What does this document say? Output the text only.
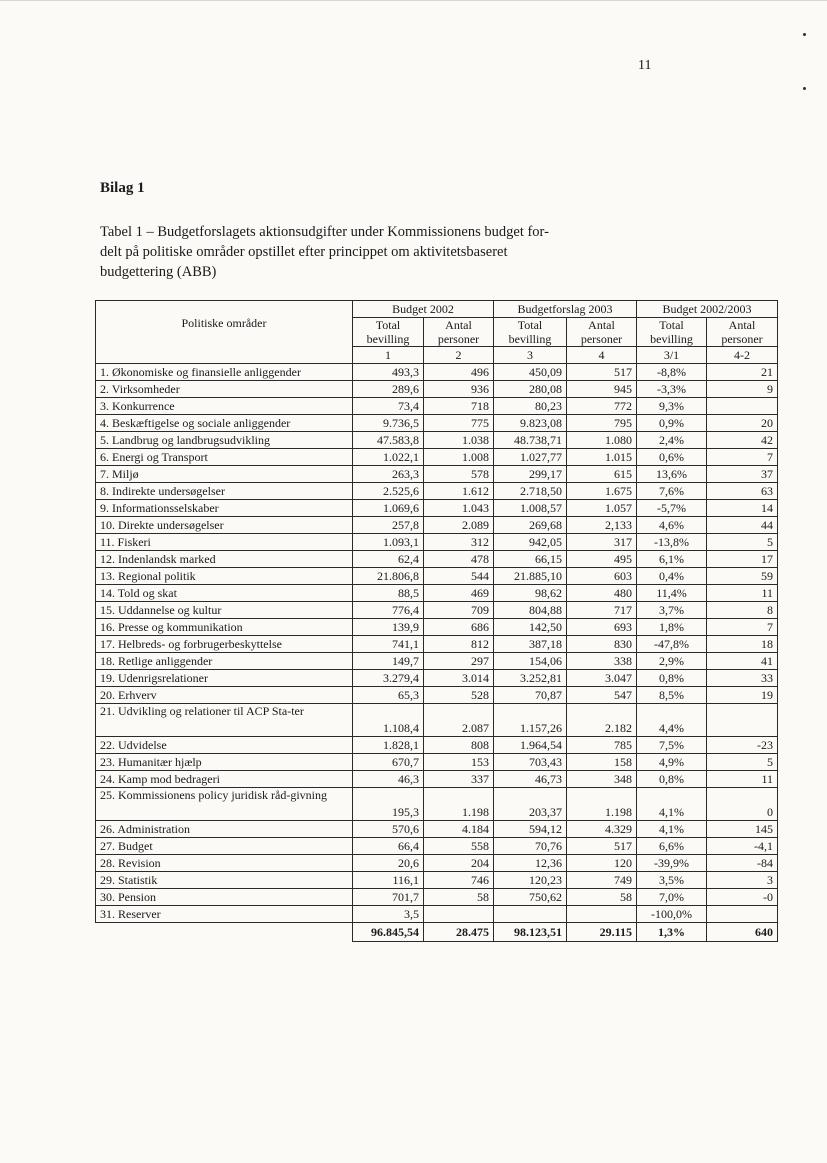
11
Bilag 1
Tabel 1 – Budgetforslagets aktionsudgifter under Kommissionens budget for-
delt på politiske områder opstillet efter princippet om aktivitetsbaseret
budgettering (ABB)
Politiske områder	Budget 2002		Budgetforslag 2003		Budget 2002/2003	
	Total
bevilling	Antal
personer	Total
bevilling	Antal
personer	Total
bevilling	Antal
personer
	1	2	3	4	3/1	4-2
1. Økonomiske og finansielle anliggender	493,3	496	450,09	517	-8,8%	21
2. Virksomheder	289,6	936	280,08	945	-3,3%	9
3. Konkurrence	73,4	718	80,23	772	9,3%	
4. Beskæftigelse og sociale anliggender	9.736,5	775	9.823,08	795	0,9%	20
5. Landbrug og landbrugsudvikling	47.583,8	1.038	48.738,71	1.080	2,4%	42
6. Energi og Transport	1.022,1	1.008	1.027,77	1.015	0,6%	7
7. Miljø	263,3	578	299,17	615	13,6%	37
8. Indirekte undersøgelser	2.525,6	1.612	2.718,50	1.675	7,6%	63
9. Informationsselskaber	1.069,6	1.043	1.008,57	1.057	-5,7%	14
10. Direkte undersøgelser	257,8	2.089	269,68	2,133	4,6%	44
11. Fiskeri	1.093,1	312	942,05	317	-13,8%	5
12. Indenlandsk marked	62,4	478	66,15	495	6,1%	17
13. Regional politik	21.806,8	544	21.885,10	603	0,4%	59
14. Told og skat	88,5	469	98,62	480	11,4%	11
15. Uddannelse og kultur	776,4	709	804,88	717	3,7%	8
16. Presse og kommunikation	139,9	686	142,50	693	1,8%	7
17. Helbreds- og forbrugerbeskyttelse	741,1	812	387,18	830	-47,8%	18
18. Retlige anliggender	149,7	297	154,06	338	2,9%	41
19. Udenrigsrelationer	3.279,4	3.014	3.252,81	3.047	0,8%	33
20. Erhverv	65,3	528	70,87	547	8,5%	19
21. Udvikling og relationer til ACP Sta-ter	1.108,4	2.087	1.157,26	2.182	4,4%	
22. Udvidelse	1.828,1	808	1.964,54	785	7,5%	-23
23. Humanitær hjælp	670,7	153	703,43	158	4,9%	5
24. Kamp mod bedrageri	46,3	337	46,73	348	0,8%	11
25. Kommissionens policy juridisk råd-givning	195,3	1.198	203,37	1.198	4,1%	0
26. Administration	570,6	4.184	594,12	4.329	4,1%	145
27. Budget	66,4	558	70,76	517	6,6%	-4,1
28. Revision	20,6	204	12,36	120	-39,9%	-84
29. Statistik	116,1	746	120,23	749	3,5%	3
30. Pension	701,7	58	750,62	58	7,0%	-0
31. Reserver	3,5				-100,0%	
	96.845,54	28.475	98.123,51	29.115	1,3%	640
